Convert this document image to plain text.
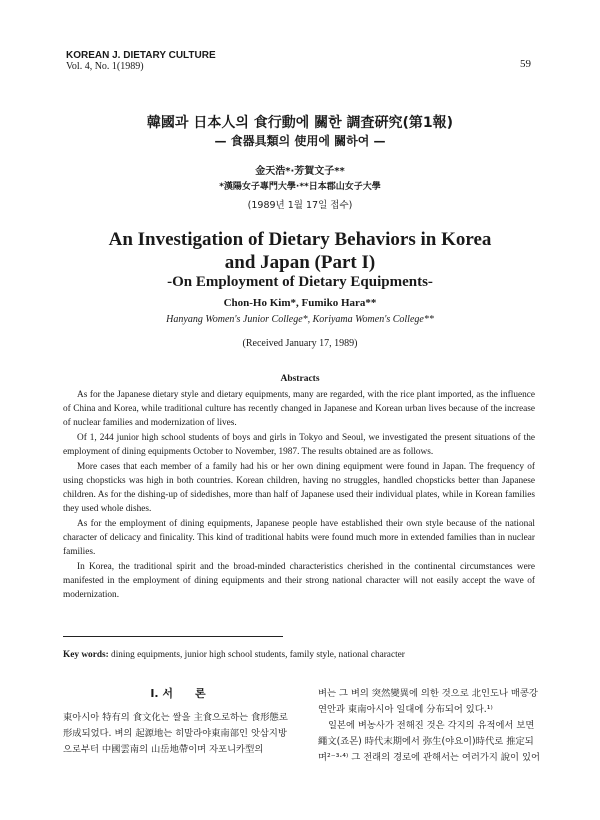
KOREAN J. DIETARY CULTURE
Vol. 4, No. 1(1989)	59
韓國과 日本人의 食行動에 關한 調査硏究(第1報)
— 食器具類의 使用에 關하여 —
金天浩*·芳賀文子**
*漢陽女子專門大學·**日本郡山女子大學
(1989년 1월 17일 접수)
An Investigation of Dietary Behaviors in Korea
and Japan (Part I)
-On Employment of Dietary Equipments-
Chon-Ho Kim*, Fumiko Hara**
Hanyang Women's Junior College*, Koriyama Women's College**
(Received January 17, 1989)
Abstracts

As for the Japanese dietary style and dietary equipments, many are regarded, with the rice plant imported, as the influence of China and Korea, while traditional culture has recently changed in Japanese and Korean urban lives because of the increase of nuclear families and modernization of lives.

Of 1, 244 junior high school students of boys and girls in Tokyo and Seoul, we investigated the present situations of the employment of dining equipments October to November, 1987. The results obtained are as follows.

More cases that each member of a family had his or her own dining equipment were found in Japan. The frequency of using chopsticks was high in both countries. Korean children, having no struggles, handled chopsticks better than Japanese children. As for the dishing-up of sidedishes, more than half of Japanese used their individual plates, while in Korean families they used whole dishes.

As for the employment of dining equipments, Japanese people have established their own style because of the national character of delicacy and finicality. This kind of traditional habits were found much more in extended families than in nuclear families.

In Korea, the traditional spirit and the broad-minded characteristics cherished in the continental circumstances were manifested in the employment of dining equipments and their strong national character will not easily accept the wave of modernization.

Key words: dining equipments, junior high school students, family style, national character
I. 서　　론

東아시아 特有의 食文化는 쌀을 主食으로하는 食形態로 形成되었다. 벼의 起源地는 히말라야東南部인 앗삼지방으로부터 中國雲南의 山岳地帶이며 자포니카型의

벼는 그 벼의 突然變異에 의한 것으로 北인도나 매콩강 연안과 東南아시아 일대에 分布되어 있다.¹⁾

일본에 벼농사가 전해진 것은 각지의 유적에서 보면 繩文(죠몬) 時代末期에서 弥生(야요이)時代로 推定되며²⁻³·⁴⁾ 그 전래의 경로에 관해서는 여러가지 說이 있어
